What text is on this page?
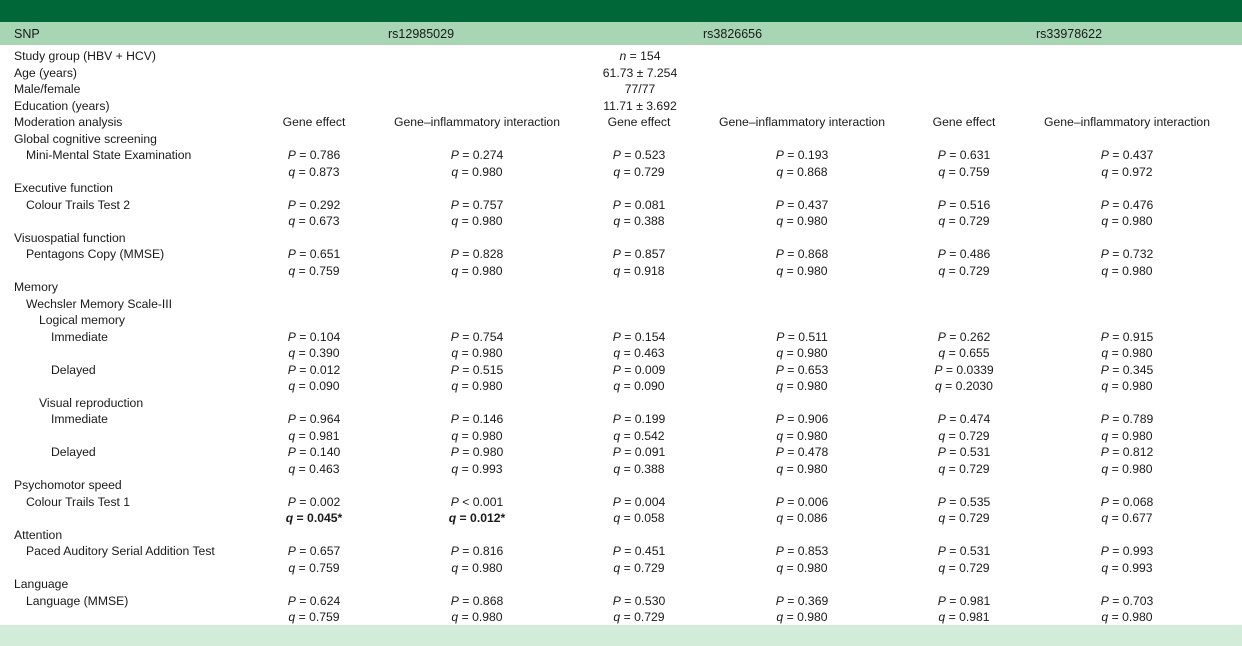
SNP	rs12985029	rs3826656	rs33978622
Study group (HBV + HCV)	n = 154
Age (years)	61.73 ± 7.254
Male/female	77/77
Education (years)	11.71 ± 3.692
Moderation analysis	Gene effect	Gene–inflammatory interaction	Gene effect	Gene–inflammatory interaction	Gene effect	Gene–inflammatory interaction
Global cognitive screening
Mini-Mental State Examination	P = 0.786	P = 0.274	P = 0.523	P = 0.193	P = 0.631	P = 0.437
q = 0.873	q = 0.980	q = 0.729	q = 0.868	q = 0.759	q = 0.972
Executive function
Colour Trails Test 2	P = 0.292	P = 0.757	P = 0.081	P = 0.437	P = 0.516	P = 0.476
q = 0.673	q = 0.980	q = 0.388	q = 0.980	q = 0.729	q = 0.980
Visuospatial function
Pentagons Copy (MMSE)	P = 0.651	P = 0.828	P = 0.857	P = 0.868	P = 0.486	P = 0.732
q = 0.759	q = 0.980	q = 0.918	q = 0.980	q = 0.729	q = 0.980
Memory
Wechsler Memory Scale-III
Logical memory
Immediate	P = 0.104	P = 0.754	P = 0.154	P = 0.511	P = 0.262	P = 0.915
q = 0.390	q = 0.980	q = 0.463	q = 0.980	q = 0.655	q = 0.980
Delayed	P = 0.012	P = 0.515	P = 0.009	P = 0.653	P = 0.0339	P = 0.345
q = 0.090	q = 0.980	q = 0.090	q = 0.980	q = 0.2030	q = 0.980
Visual reproduction
Immediate	P = 0.964	P = 0.146	P = 0.199	P = 0.906	P = 0.474	P = 0.789
q = 0.981	q = 0.980	q = 0.542	q = 0.980	q = 0.729	q = 0.980
Delayed	P = 0.140	P = 0.980	P = 0.091	P = 0.478	P = 0.531	P = 0.812
q = 0.463	q = 0.993	q = 0.388	q = 0.980	q = 0.729	q = 0.980
Psychomotor speed
Colour Trails Test 1	P = 0.002	P < 0.001	P = 0.004	P = 0.006	P = 0.535	P = 0.068
q = 0.045*	q = 0.012*	q = 0.058	q = 0.086	q = 0.729	q = 0.677
Attention
Paced Auditory Serial Addition Test	P = 0.657	P = 0.816	P = 0.451	P = 0.853	P = 0.531	P = 0.993
q = 0.759	q = 0.980	q = 0.729	q = 0.980	q = 0.729	q = 0.993
Language
Language (MMSE)	P = 0.624	P = 0.868	P = 0.530	P = 0.369	P = 0.981	P = 0.703
q = 0.759	q = 0.980	q = 0.729	q = 0.980	q = 0.981	q = 0.980
